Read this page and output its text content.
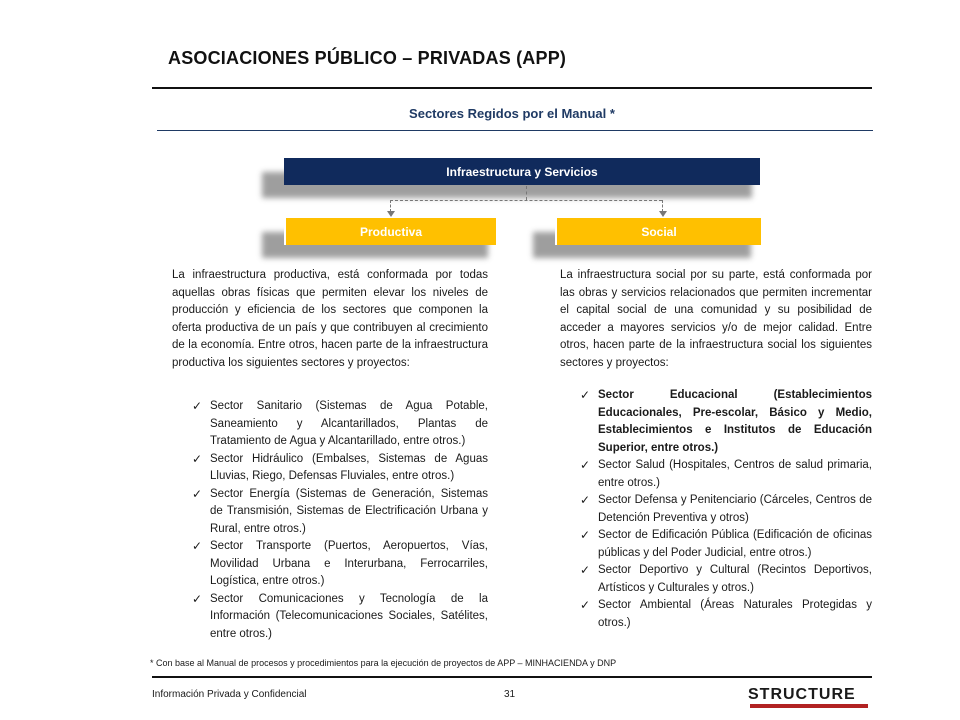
ASOCIACIONES PÚBLICO – PRIVADAS (APP)
Sectores Regidos por el Manual *
Infraestructura y Servicios
Productiva	Social
La infraestructura productiva, está conformada por todas aquellas obras físicas que permiten elevar los niveles de producción y eficiencia de los sectores que componen la oferta productiva de un país y que contribuyen al crecimiento de la economía. Entre otros, hacen parte de la infraestructura productiva los siguientes sectores y proyectos:
✓ Sector Sanitario (Sistemas de Agua Potable, Saneamiento y Alcantarillados, Plantas de Tratamiento de Agua y Alcantarillado, entre otros.)
✓ Sector Hidráulico (Embalses, Sistemas de Aguas Lluvias, Riego, Defensas Fluviales, entre otros.)
✓ Sector Energía (Sistemas de Generación, Sistemas de Transmisión, Sistemas de Electrificación Urbana y Rural, entre otros.)
✓ Sector Transporte (Puertos, Aeropuertos, Vías, Movilidad Urbana e Interurbana, Ferrocarriles, Logística, entre otros.)
✓ Sector Comunicaciones y Tecnología de la Información (Telecomunicaciones Sociales, Satélites, entre otros.)
La infraestructura social por su parte, está conformada por las obras y servicios relacionados que permiten incrementar el capital social de una comunidad y su posibilidad de acceder a mayores servicios y/o de mejor calidad. Entre otros, hacen parte de la infraestructura social los siguientes sectores y proyectos:
✓ Sector Educacional (Establecimientos Educacionales, Pre-escolar, Básico y Medio, Establecimientos e Institutos de Educación Superior, entre otros.)
✓ Sector Salud (Hospitales, Centros de salud primaria, entre otros.)
✓ Sector Defensa y Penitenciario (Cárceles, Centros de Detención Preventiva y otros)
✓ Sector de Edificación Pública (Edificación de oficinas públicas y del Poder Judicial, entre otros.)
✓ Sector Deportivo y Cultural (Recintos Deportivos, Artísticos y Culturales y otros.)
✓ Sector Ambiental (Áreas Naturales Protegidas y otros.)
* Con base al Manual de procesos y procedimientos para la ejecución de proyectos de APP – MINHACIENDA y DNP
Información Privada y Confidencial	31	STRUCTURE
